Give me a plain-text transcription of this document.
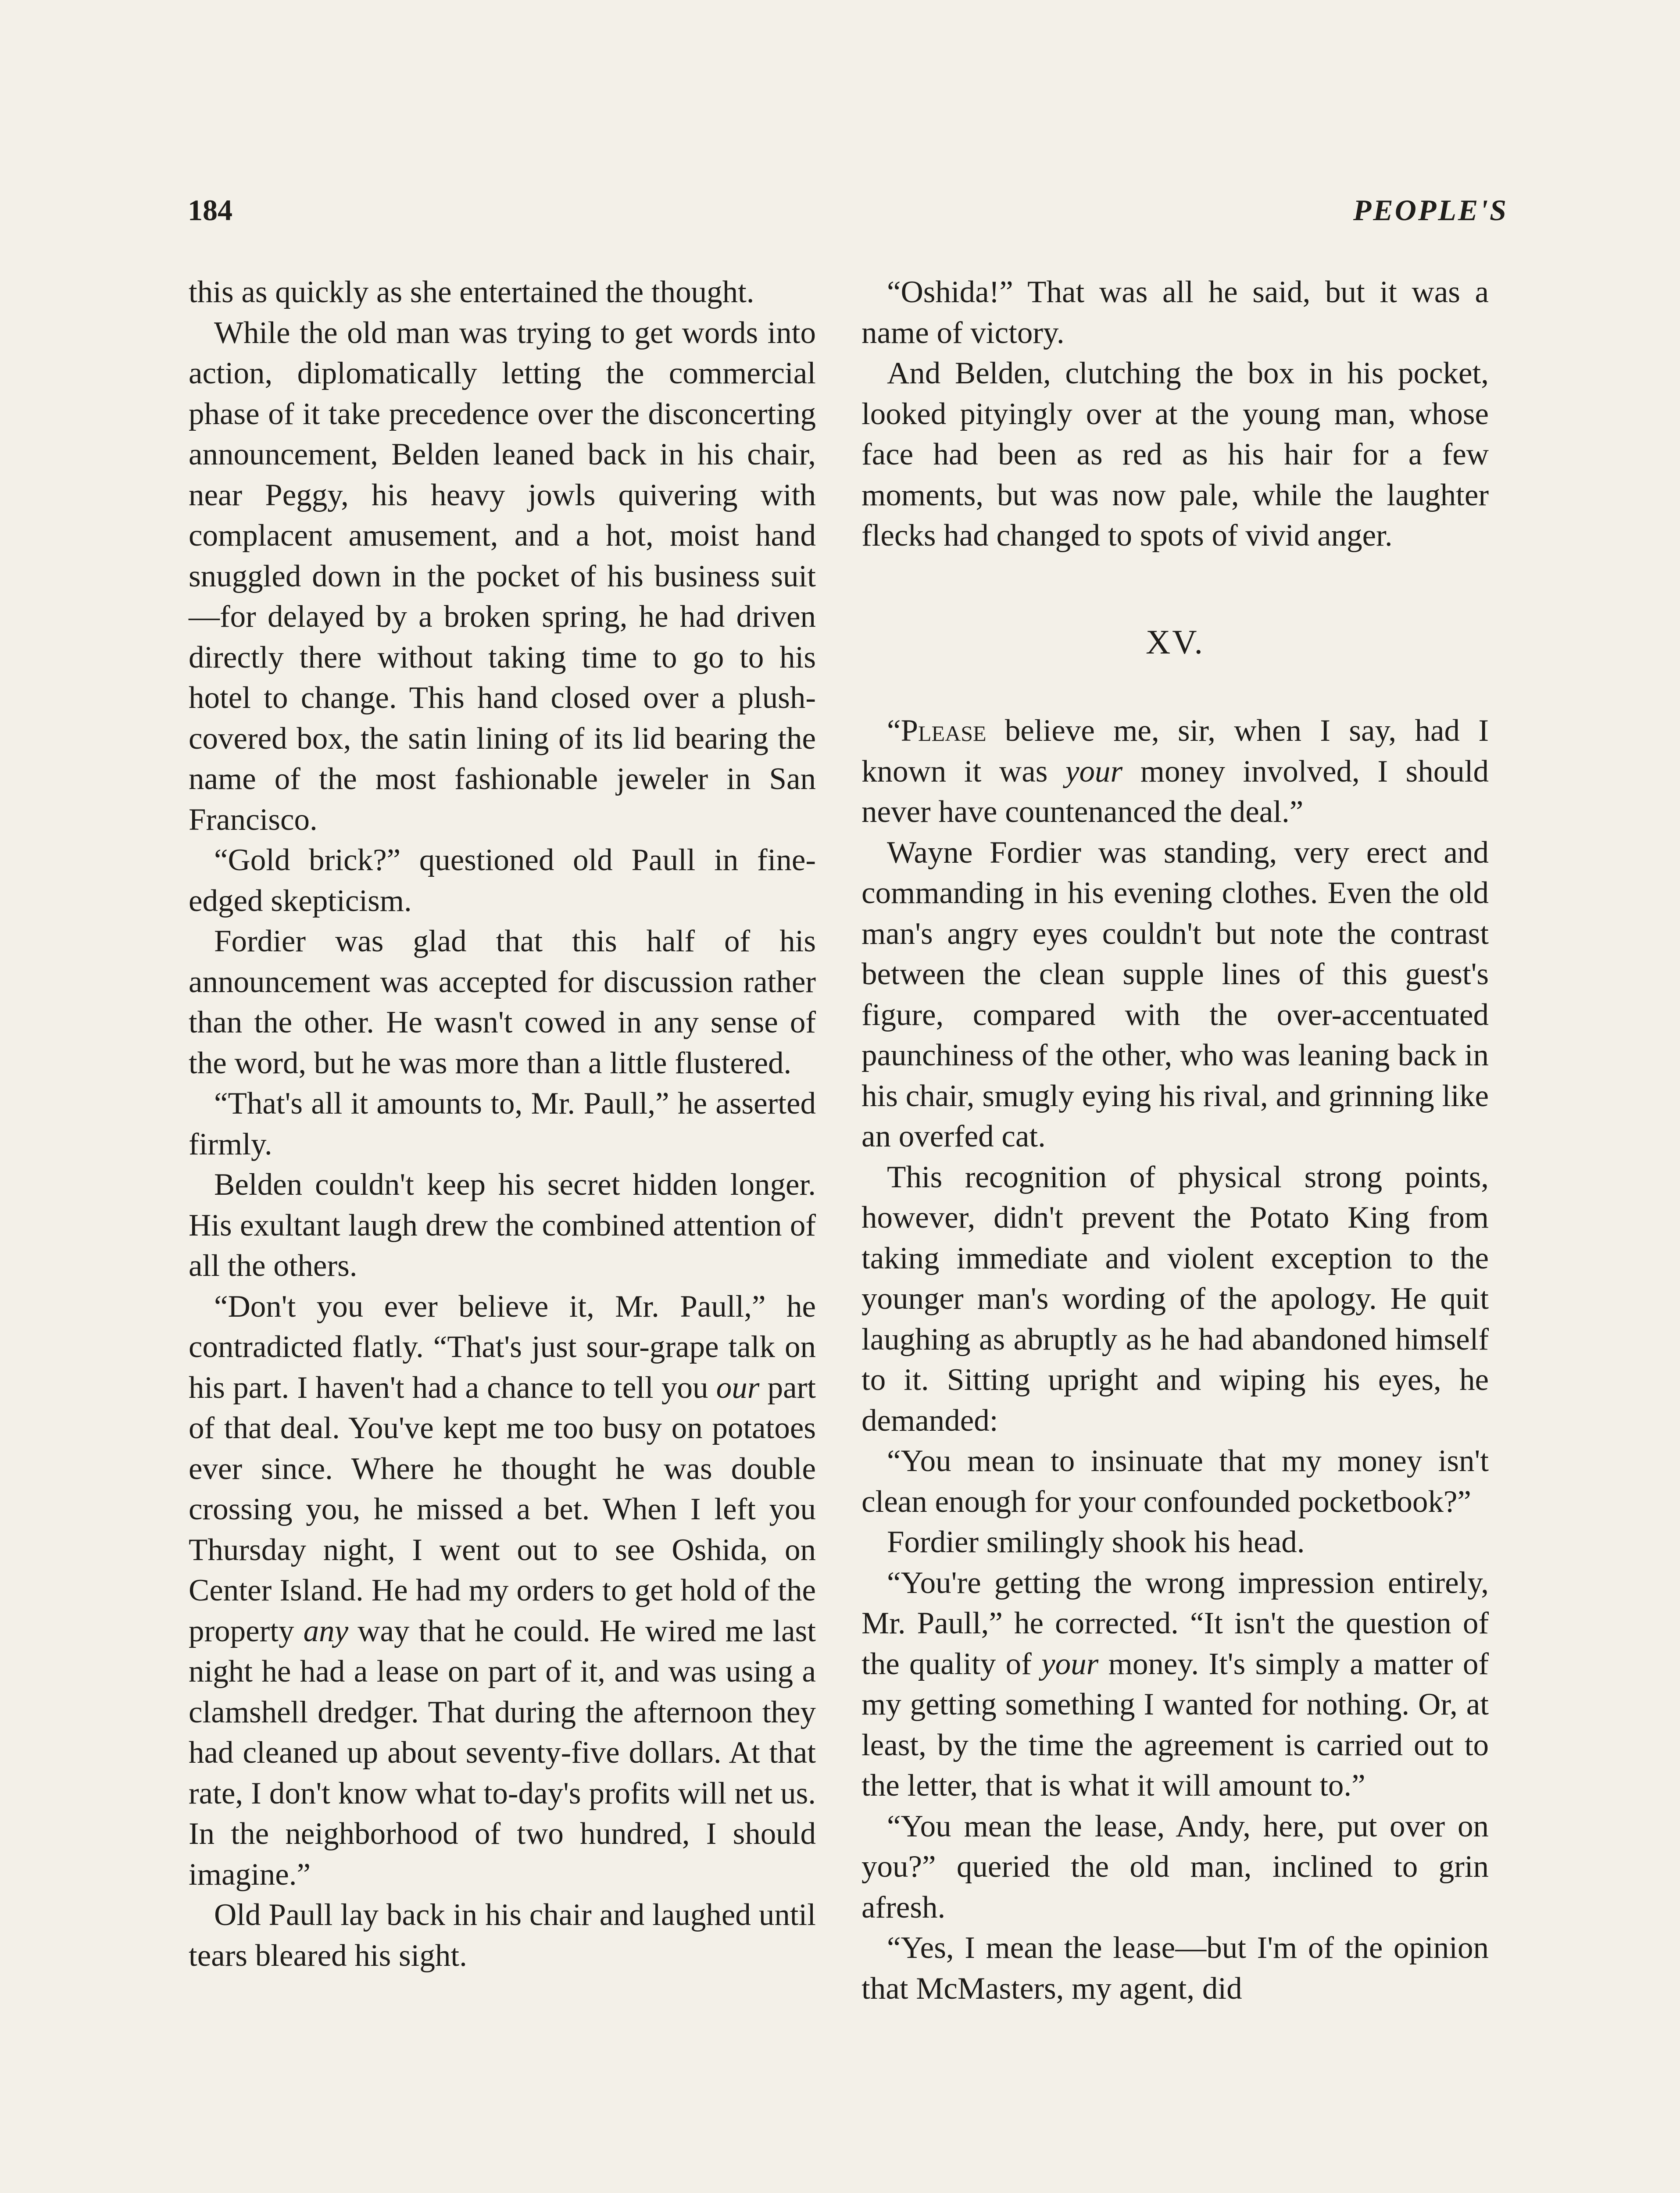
184	PEOPLE'S

this as quickly as she entertained the thought.

While the old man was trying to get words into action, diplomatically letting the commercial phase of it take precedence over the disconcerting announcement, Belden leaned back in his chair, near Peggy, his heavy jowls quivering with complacent amusement, and a hot, moist hand snuggled down in the pocket of his business suit—for delayed by a broken spring, he had driven directly there without taking time to go to his hotel to change. This hand closed over a plush-covered box, the satin lining of its lid bearing the name of the most fashionable jeweler in San Francisco.

“Gold brick?” questioned old Paull in fine-edged skepticism.

Fordier was glad that this half of his announcement was accepted for discussion rather than the other. He wasn't cowed in any sense of the word, but he was more than a little flustered.

“That's all it amounts to, Mr. Paull,” he asserted firmly.

Belden couldn't keep his secret hidden longer. His exultant laugh drew the combined attention of all the others.

“Don't you ever believe it, Mr. Paull,” he contradicted flatly. “That's just sour-grape talk on his part. I haven't had a chance to tell you our part of that deal. You've kept me too busy on potatoes ever since. Where he thought he was double crossing you, he missed a bet. When I left you Thursday night, I went out to see Oshida, on Center Island. He had my orders to get hold of the property any way that he could. He wired me last night he had a lease on part of it, and was using a clamshell dredger. That during the afternoon they had cleaned up about seventy-five dollars. At that rate, I don't know what to-day's profits will net us. In the neighborhood of two hundred, I should imagine.”

Old Paull lay back in his chair and laughed until tears bleared his sight.

“Oshida!” That was all he said, but it was a name of victory.

And Belden, clutching the box in his pocket, looked pityingly over at the young man, whose face had been as red as his hair for a few moments, but was now pale, while the laughter flecks had changed to spots of vivid anger.

XV.

“Please believe me, sir, when I say, had I known it was your money involved, I should never have countenanced the deal.”

Wayne Fordier was standing, very erect and commanding in his evening clothes. Even the old man's angry eyes couldn't but note the contrast between the clean supple lines of this guest's figure, compared with the over-accentuated paunchiness of the other, who was leaning back in his chair, smugly eying his rival, and grinning like an overfed cat.

This recognition of physical strong points, however, didn't prevent the Potato King from taking immediate and violent exception to the younger man's wording of the apology. He quit laughing as abruptly as he had abandoned himself to it. Sitting upright and wiping his eyes, he demanded:

“You mean to insinuate that my money isn't clean enough for your confounded pocketbook?”

Fordier smilingly shook his head.

“You're getting the wrong impression entirely, Mr. Paull,” he corrected. “It isn't the question of the quality of your money. It's simply a matter of my getting something I wanted for nothing. Or, at least, by the time the agreement is carried out to the letter, that is what it will amount to.”

“You mean the lease, Andy, here, put over on you?” queried the old man, inclined to grin afresh.

“Yes, I mean the lease—but I'm of the opinion that McMasters, my agent, did
